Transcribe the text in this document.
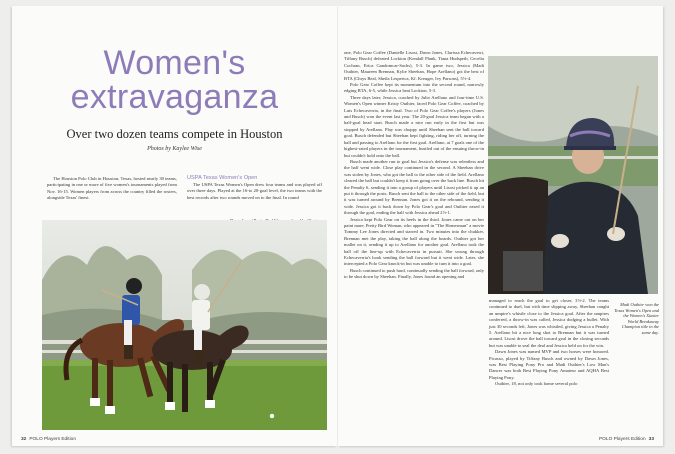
Women's
extravaganza
Over two dozen teams compete in Houston
Photos by Kaylee Wise

The Houston Polo Club in Houston, Texas, hosted nearly 30 teams, participating in one or more of five women's tournaments played from Nov. 16-15. Women players from across the country filled the rosters, alongside Texas' finest.

USPA Texas Women's Open

The USPA Texas Women's Open drew four teams and was played off over three days. Played at the 16-to 20-goal level, the two teams with the best records after two rounds moved on to the final. In round

32 POLO Players Edition

one, Polo Gear Coffee (Danielle Lisosi, Dawn Jones, Clarissa Echecaverri, Tiffany Busch) defeated Lockton (Kendall Plank, Tiana Hudspeth, Cecelia Cochran, Erica Gandomcar-Sachs), 5-3. In game two, Jessica (Madi Outhier, Maureen Brennan, Kylie Sheehan, Hope Arellano) got the best of BTA (Chrys Beal, Sheila Lesperica, Kf. Kreuger, Ivy Parsons), 5½-4.

Polo Gear Coffee kept its momentum into the second round, narrowly edging BTA, 6-5, while Jessica beat Lockton, 5-3.

Three days later, Jessica, coached by Julio Arellano and four-time U.S. Women's Open winner Kristy Outhier, faced Polo Gear Coffee, coached by Luis Echecaverria, in the final. Two of Polo Gear Coffee's players (Jones and Busch) won the event last year. The 20-goal Jessica team began with a half-goal head start. Busch made a nice run early in the first but was stopped by Arellano. Play was choppy until Sheehan sent the ball toward goal. Busch defended but Sheehan kept fighting, riding her off, turning the ball and passing to Arellano for the first goal. Arellano, at 7 goals one of the highest-rated players in the tournament, hustled out of the ensuing throw-in but couldn't hold onto the ball.

Busch made another run to goal but Jessica's defense was relentless and the half went wide. Close play continued in the second. A Sheehan drive was stolen by Jones, who got the ball to the other side of the field. Arellano cleared the ball but couldn't keep it from going over the back line. Busch hit the Penalty 6, sending it into a group of players until Lisosi picked it up an put it through the posts. Busch sent the ball to the other side of the field, but it was turned around by Brennan. Jones got it on the rebound, sending it wide. Jessica got it back down by Polo Gear's goal and Outhier eased it through the goal, ending the half with Jessica ahead 2½-1.

Jessica kept Polo Gear on its heels in the third. Jones came out on her paint mare, Pretty Bird Woman, who appeared in "The Homesman" a movie Tommy Lee Jones directed and starred in. Two minutes into the chukker, Brennan met the play, taking the ball along the boards. Outhier got her mallet on it, sending it up to Arellano for another goal. Arellano took the ball off the line-up with Echecaverria in pursuit. She swung through Echecaverria's hook sending the ball forward but it went wide. Later, she intercepted a Polo Gear knock-in but was unable to turn it into a goal.

Busch continued to push hard, continually sending the ball forward, only to be shut down by Sheehan. Finally, Jones found an opening and

managed to reach the goal to get closer, 3½-2. The teams continued to duel, but with time slipping away, Sheehan caught an umpire's whistle close to the Jessica goal. After the umpires conferred, a throw-in was called, Jessica dodging a bullet. With just 30 seconds left, Jones was whistled, giving Jessica a Penalty 5. Arellano hit a nice long shot to Brennan but it was turned around. Lisosi drove the ball toward goal in the closing seconds but was unable to seal the deal and Jessica held on for the win.

Dawn Jones was named MVP and two horses were honored. Picasso, played by Tiffany Busch and owned by Dawn Jones, was Best Playing Pony Pro and Madi Outhier's Low Man's Dancer was both Best Playing Pony Amateur and AQHA Best Playing Pony.

Outhier, 18, not only took home several polo

Madi Outhier won the Texas Women's Open and the Women's Xtasier World Breakaway Champion title in the same day.
POLO Players Edition 33
